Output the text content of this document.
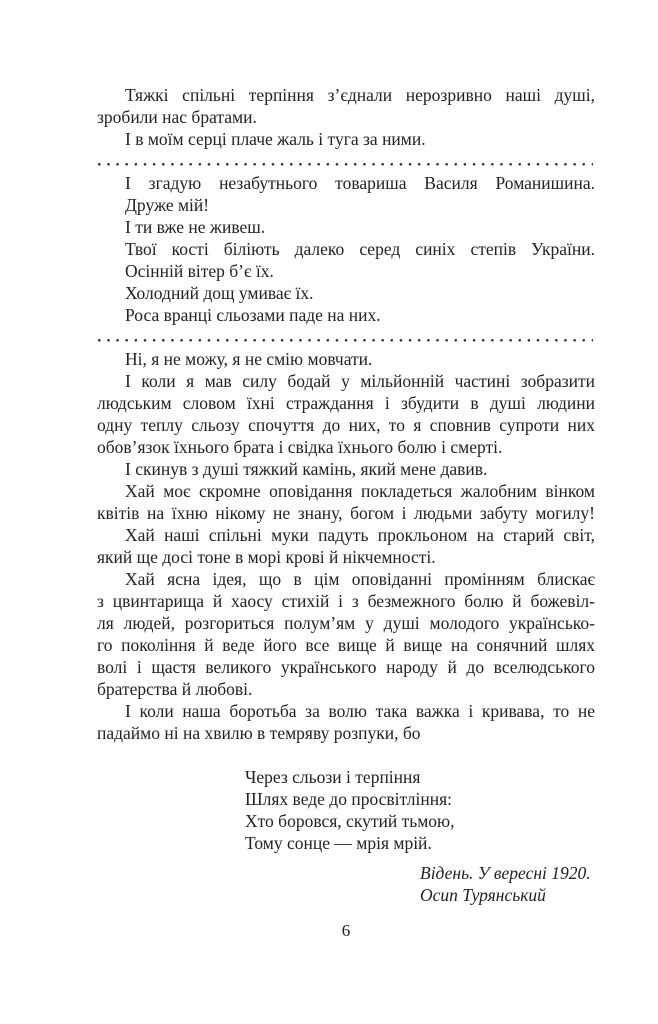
Тяжкі спільні терпіння з’єднали нерозривно наші душі,
зробили нас братами.
І в моїм серці плаче жаль і туга за ними.
І згадую незабутнього товариша Василя Романишина.
Друже мій!
І ти вже не живеш.
Твої кості біліють далеко серед синіх степів України.
Осінній вітер б’є їх.
Холодний дощ умиває їх.
Роса вранці сльозами паде на них.
Ні, я не можу, я не смію мовчати.
І коли я мав силу бодай у мільйонній частині зобразити
людським словом їхні страждання і збудити в душі людини
одну теплу сльозу спочуття до них, то я сповнив супроти них
обов’язок їхнього брата і свідка їхнього болю і смерті.
І скинув з душі тяжкий камінь, який мене давив.
Хай моє скромне оповідання покладеться жалобним вінком
квітів на їхню нікому не знану, богом і людьми забуту могилу!
Хай наші спільні муки падуть прокльоном на старий світ,
який ще досі тоне в морі крові й нікчемності.
Хай ясна ідея, що в цім оповіданні промінням блискає
з цвинтарища й хаосу стихій і з безмежного болю й божевіл-
ля людей, розгориться полум’ям у душі молодого українсько-
го покоління й веде його все вище й вище на сонячний шлях
волі і щастя великого українського народу й до вселюдського
братерства й любові.
І коли наша боротьба за волю така важка і кривава, то не
падаймо ні на хвилю в темряву розпуки, бо
Через сльози і терпіння
Шлях веде до просвітління:
Хто боровся, скутий тьмою,
Тому сонце — мрія мрій.
Відень. У вересні 1920.
Осип Турянський
6
